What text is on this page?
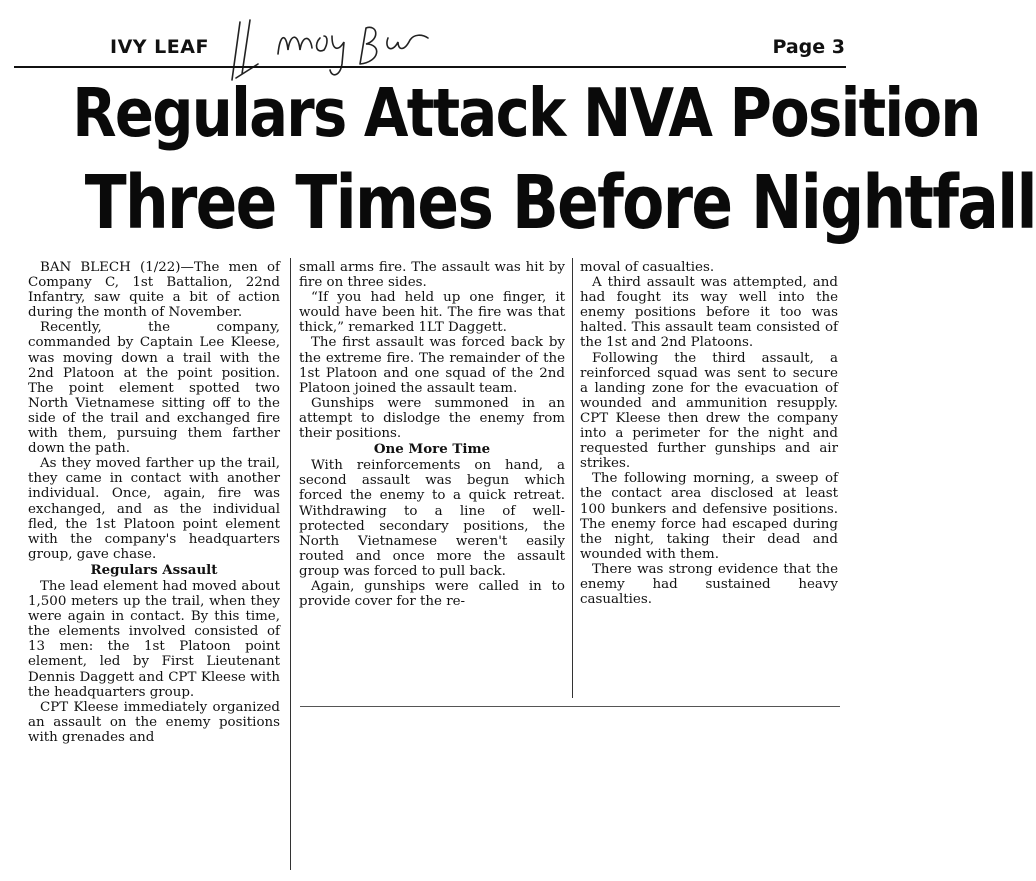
IVY LEAF	Page 3
Regulars Attack NVA Position
Three Times Before Nightfall

BAN BLECH (1/22)—The men of Company C, 1st Battalion, 22nd Infantry, saw quite a bit of action during the month of November.

Recently, the company, commanded by Captain Lee Kleese, was moving down a trail with the 2nd Platoon at the point position. The point element spotted two North Vietnamese sitting off to the side of the trail and exchanged fire with them, pursuing them farther down the path.

As they moved farther up the trail, they came in contact with another individual. Once, again, fire was exchanged, and as the individual fled, the 1st Platoon point element with the company's headquarters group, gave chase.

Regulars Assault

The lead element had moved about 1,500 meters up the trail, when they were again in contact. By this time, the elements involved consisted of 13 men: the 1st Platoon point element, led by First Lieutenant Dennis Daggett and CPT Kleese with the headquarters group.

CPT Kleese immediately organized an assault on the enemy positions with grenades and

small arms fire. The assault was hit by fire on three sides.

“If you had held up one finger, it would have been hit. The fire was that thick,” remarked 1LT Daggett.

The first assault was forced back by the extreme fire. The remainder of the 1st Platoon and one squad of the 2nd Platoon joined the assault team.

Gunships were summoned in an attempt to dislodge the enemy from their positions.

One More Time

With reinforcements on hand, a second assault was begun which forced the enemy to a quick retreat. Withdrawing to a line of well-protected secondary positions, the North Vietnamese weren't easily routed and once more the assault group was forced to pull back.

Again, gunships were called in to provide cover for the re-

moval of casualties.

A third assault was attempted, and had fought its way well into the enemy positions before it too was halted. This assault team consisted of the 1st and 2nd Platoons.

Following the third assault, a reinforced squad was sent to secure a landing zone for the evacuation of wounded and ammunition resupply. CPT Kleese then drew the company into a perimeter for the night and requested further gunships and air strikes.

The following morning, a sweep of the contact area disclosed at least 100 bunkers and defensive positions. The enemy force had escaped during the night, taking their dead and wounded with them.

There was strong evidence that the enemy had sustained heavy casualties.
